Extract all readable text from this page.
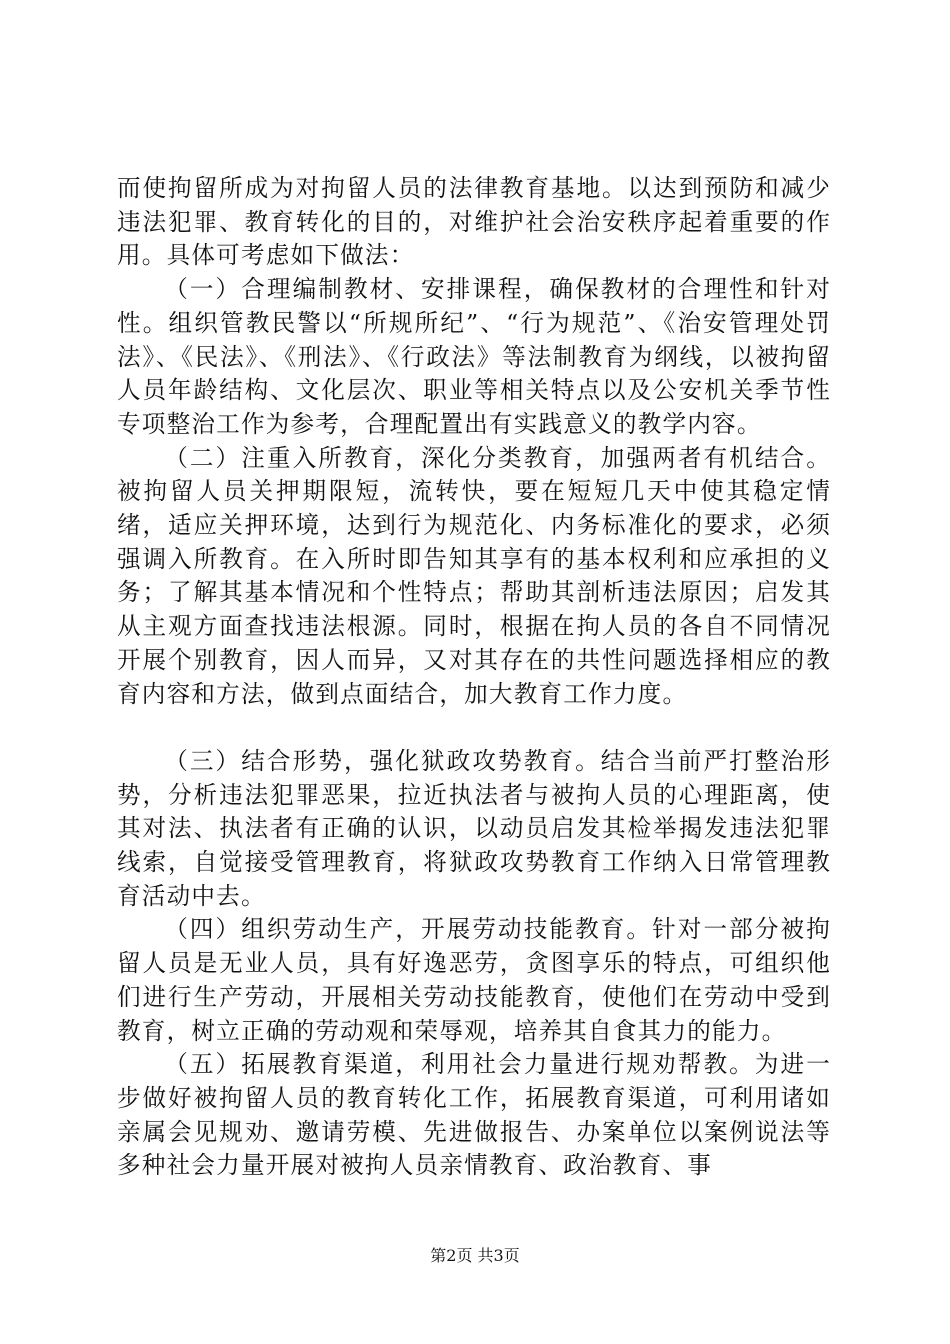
而使拘留所成为对拘留人员的法律教育基地。以达到预防和减少违法犯罪、教育转化的目的，对维护社会治安秩序起着重要的作用。具体可考虑如下做法：

（一）合理编制教材、安排课程，确保教材的合理性和针对性。组织管教民警以“所规所纪”、“行为规范”、《治安管理处罚法》、《民法》、《刑法》、《行政法》等法制教育为纲线，以被拘留人员年龄结构、文化层次、职业等相关特点以及公安机关季节性专项整治工作为参考，合理配置出有实践意义的教学内容。

（二）注重入所教育，深化分类教育，加强两者有机结合。被拘留人员关押期限短，流转快，要在短短几天中使其稳定情绪，适应关押环境，达到行为规范化、内务标准化的要求，必须强调入所教育。在入所时即告知其享有的基本权利和应承担的义务；了解其基本情况和个性特点；帮助其剖析违法原因；启发其从主观方面查找违法根源。同时，根据在拘人员的各自不同情况开展个别教育，因人而异，又对其存在的共性问题选择相应的教育内容和方法，做到点面结合，加大教育工作力度。

（三）结合形势，强化狱政攻势教育。结合当前严打整治形势，分析违法犯罪恶果，拉近执法者与被拘人员的心理距离，使其对法、执法者有正确的认识，以动员启发其检举揭发违法犯罪线索，自觉接受管理教育，将狱政攻势教育工作纳入日常管理教育活动中去。

（四）组织劳动生产，开展劳动技能教育。针对一部分被拘留人员是无业人员，具有好逸恶劳，贪图享乐的特点，可组织他们进行生产劳动，开展相关劳动技能教育，使他们在劳动中受到教育，树立正确的劳动观和荣辱观，培养其自食其力的能力。

（五）拓展教育渠道，利用社会力量进行规劝帮教。为进一步做好被拘留人员的教育转化工作，拓展教育渠道，可利用诸如亲属会见规劝、邀请劳模、先进做报告、办案单位以案例说法等多种社会力量开展对被拘人员亲情教育、政治教育、事

第2页 共3页
